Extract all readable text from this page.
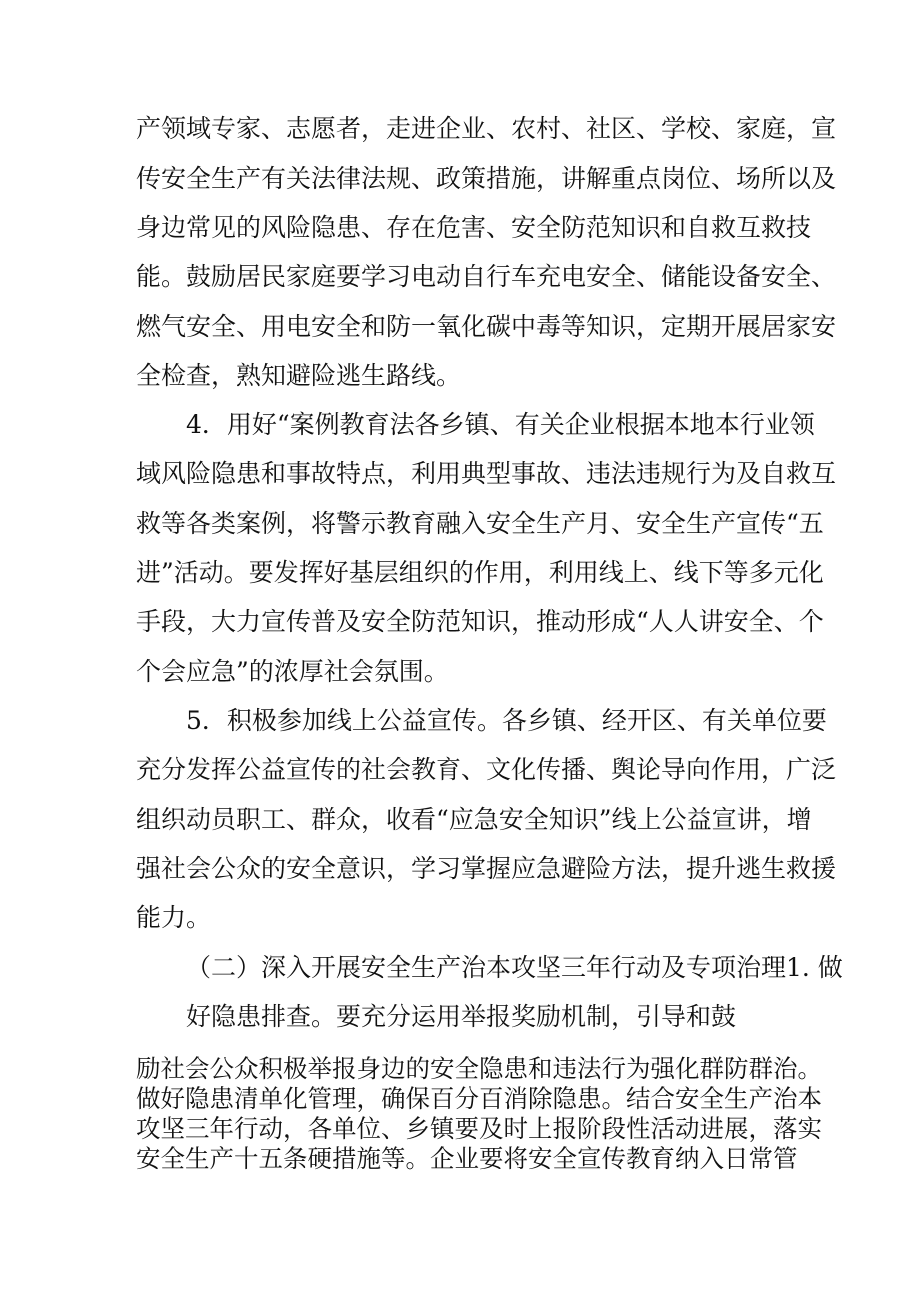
产领域专家、志愿者，走进企业、农村、社区、学校、家庭，宣
传安全生产有关法律法规、政策措施，讲解重点岗位、场所以及
身边常见的风险隐患、存在危害、安全防范知识和自救互救技
能。鼓励居民家庭要学习电动自行车充电安全、储能设备安全、
燃气安全、用电安全和防一氧化碳中毒等知识，定期开展居家安
全检查，熟知避险逃生路线。
4．用好“案例教育法各乡镇、有关企业根据本地本行业领
域风险隐患和事故特点，利用典型事故、违法违规行为及自救互
救等各类案例，将警示教育融入安全生产月、安全生产宣传“五
进”活动。要发挥好基层组织的作用，利用线上、线下等多元化
手段，大力宣传普及安全防范知识，推动形成“人人讲安全、个
个会应急”的浓厚社会氛围。
5．积极参加线上公益宣传。各乡镇、经开区、有关单位要
充分发挥公益宣传的社会教育、文化传播、舆论导向作用，广泛
组织动员职工、群众，收看“应急安全知识”线上公益宣讲，增
强社会公众的安全意识，学习掌握应急避险方法，提升逃生救援
能力。
（二）深入开展安全生产治本攻坚三年行动及专项治理1. 做
好隐患排查。要充分运用举报奖励机制，引导和鼓
励社会公众积极举报身边的安全隐患和违法行为强化群防群治。
做好隐患清单化管理，确保百分百消除隐患。结合安全生产治本
攻坚三年行动，各单位、乡镇要及时上报阶段性活动进展，落实
安全生产十五条硬措施等。企业要将安全宣传教育纳入日常管
